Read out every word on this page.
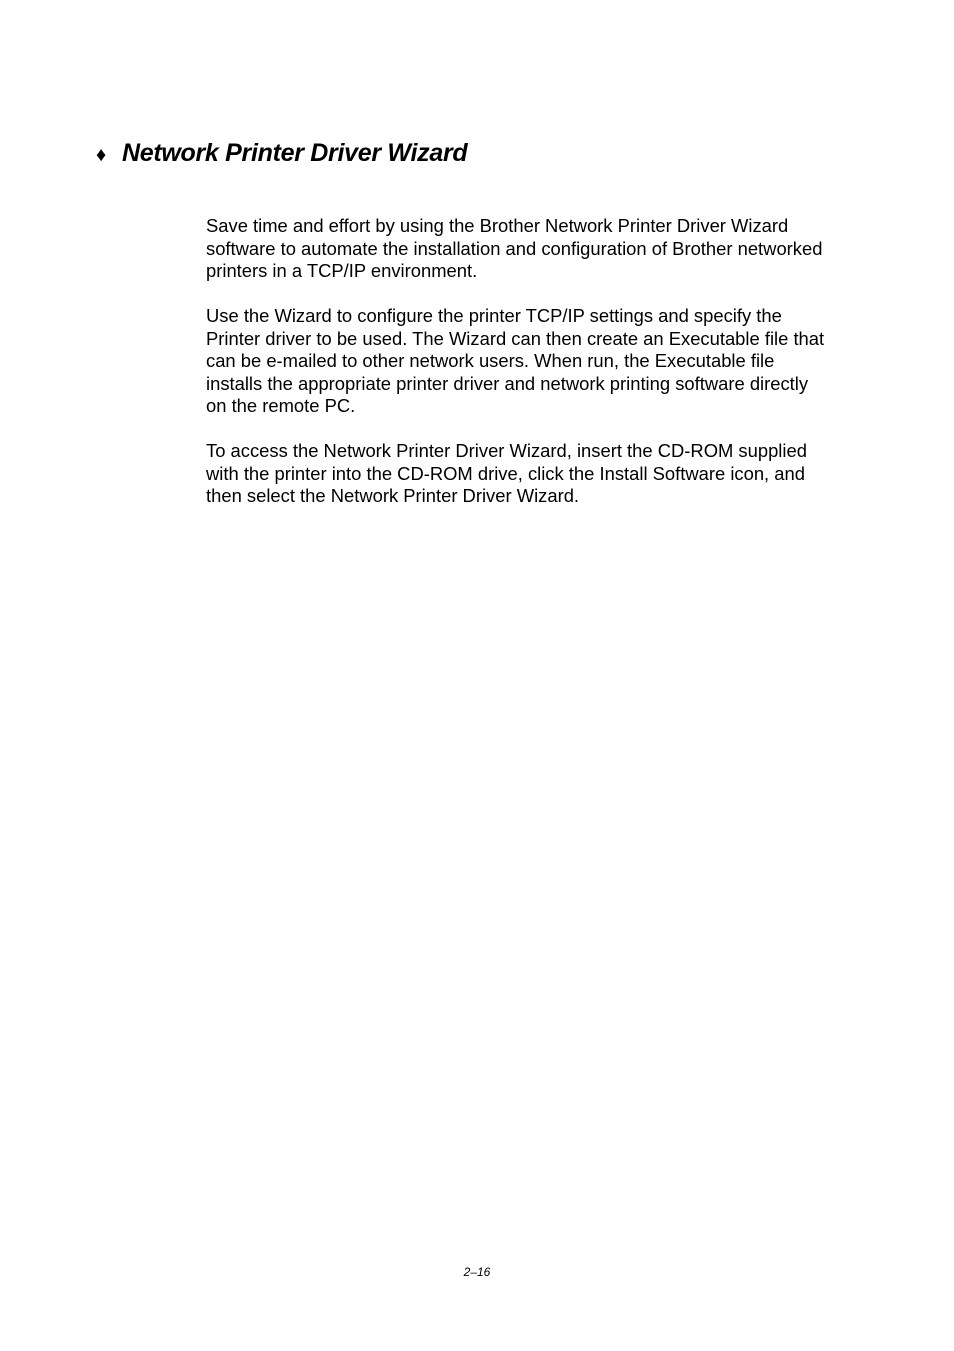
♦ Network Printer Driver Wizard

Save time and effort by using the Brother Network Printer Driver Wizard
software to automate the installation and configuration of Brother networked
printers in a TCP/IP environment.

Use the Wizard to configure the printer TCP/IP settings and specify the
Printer driver to be used. The Wizard can then create an Executable file that
can be e-mailed to other network users. When run, the Executable file
installs the appropriate printer driver and network printing software directly
on the remote PC.

To access the Network Printer Driver Wizard, insert the CD-ROM supplied
with the printer into the CD-ROM drive, click the Install Software icon, and
then select the Network Printer Driver Wizard.

2–16
